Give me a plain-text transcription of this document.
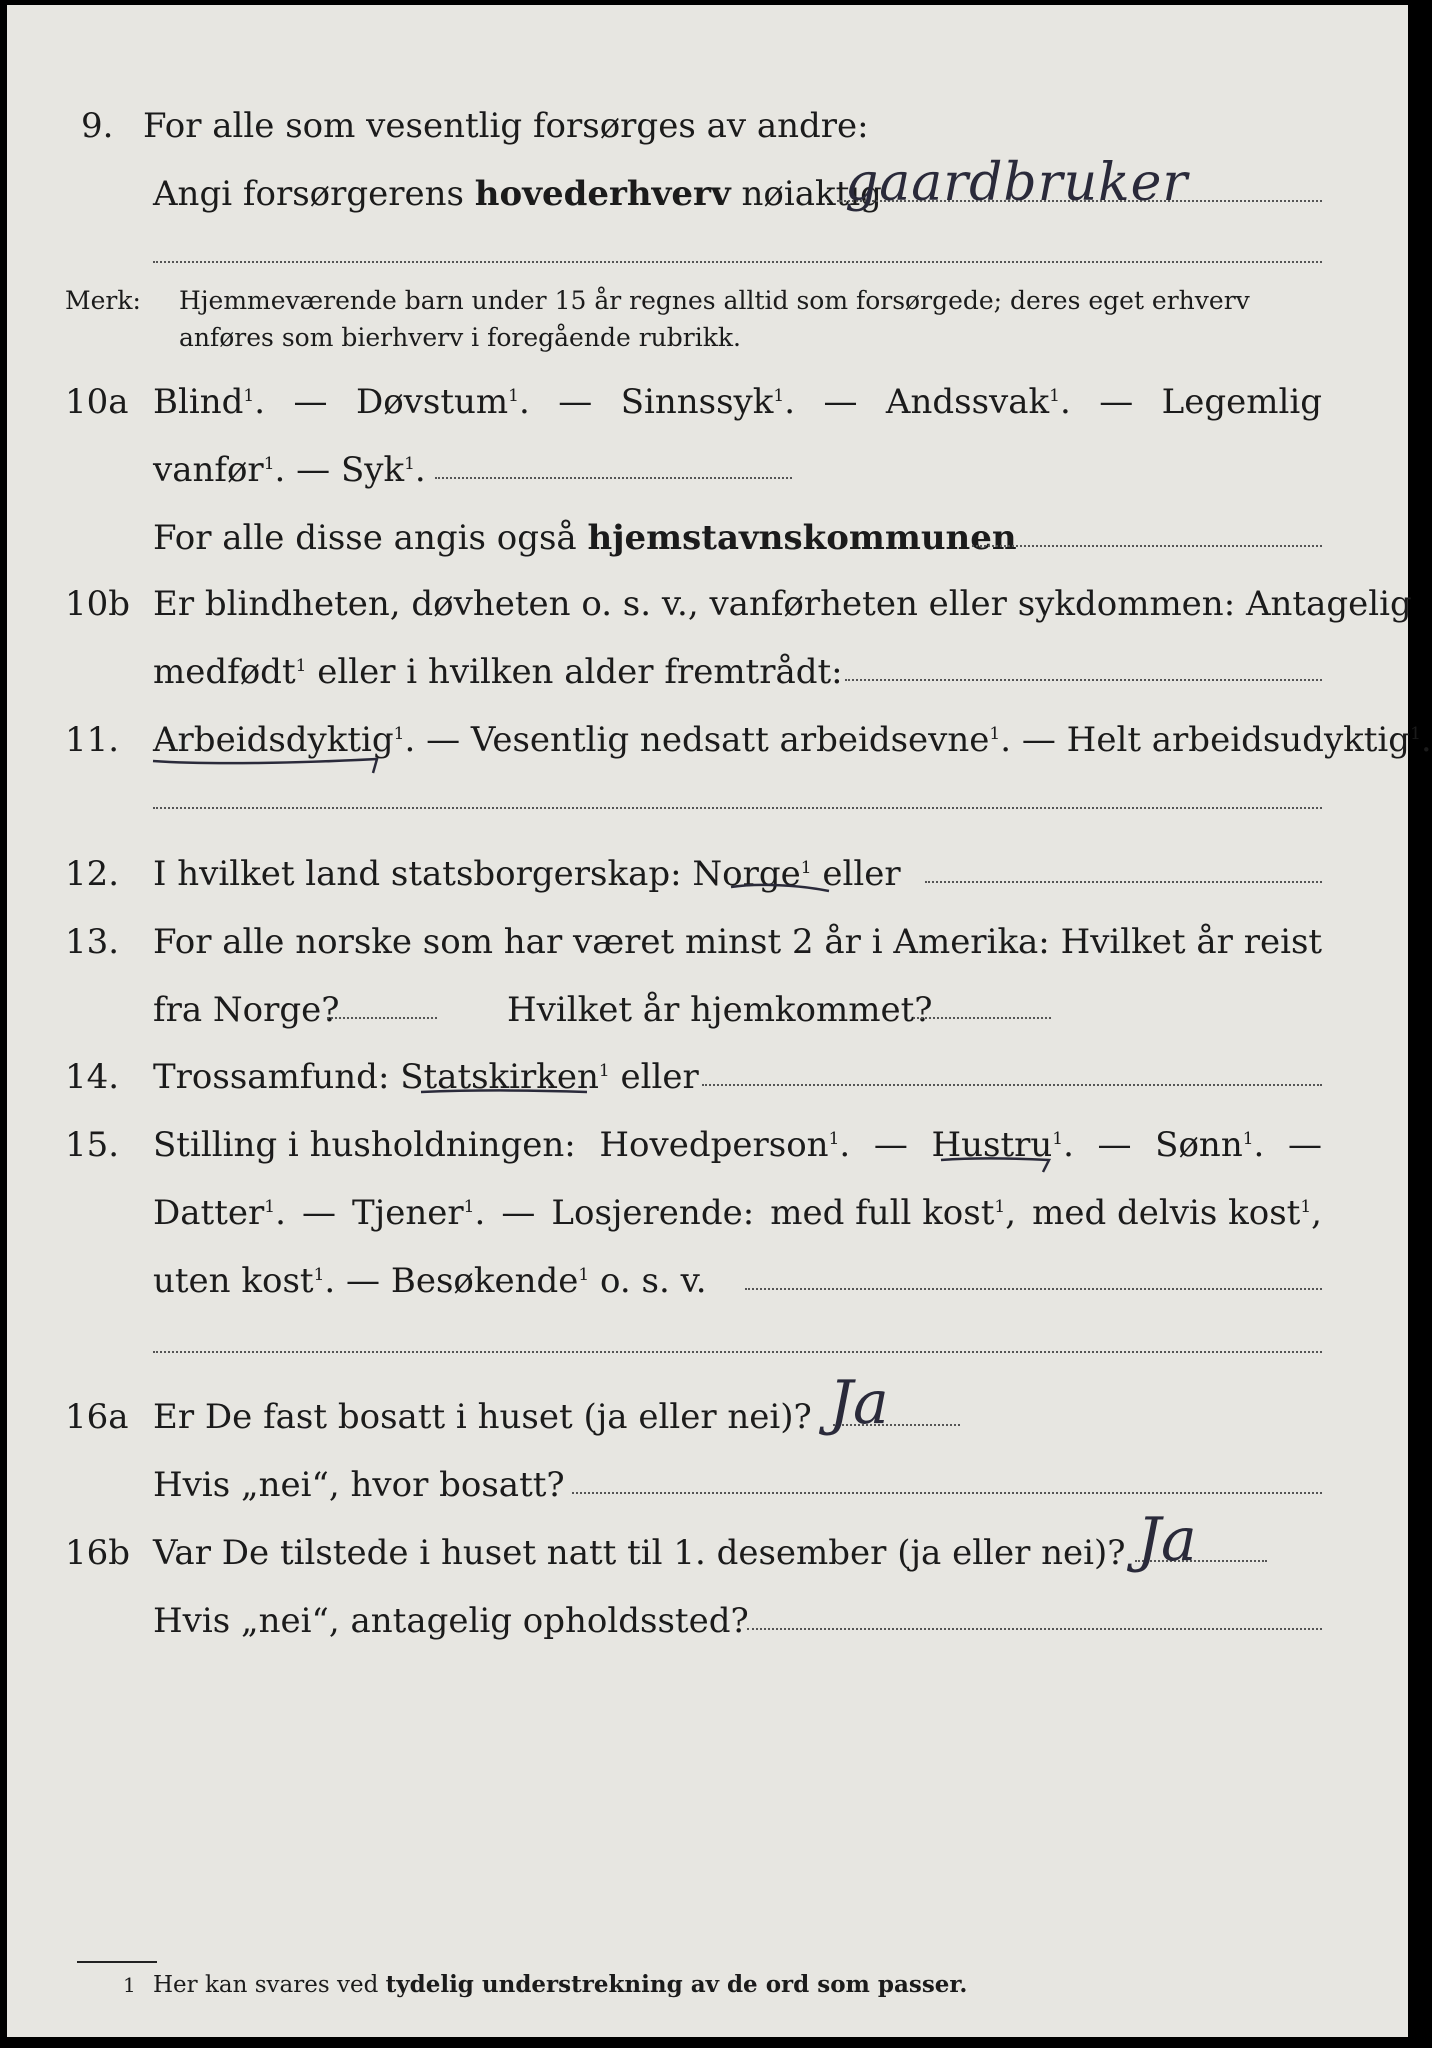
9. For alle som vesentlig forsørges av andre:
Angi forsørgerens hovederhverv nøiaktig
gaardbruker
Merk: Hjemmeværende barn under 15 år regnes alltid som forsørgede; deres eget erhverv
anføres som bierhverv i foregående rubrikk.
10a Blind$^1$. — Døvstum$^1$. — Sinnssyk$^1$. — Andssvak$^1$. — Legemlig
vanfør$^1$. — Syk$^1$.
For alle disse angis også hjemstavnskommunen
10b Er blindheten, døvheten o. s. v., vanførheten eller sykdommen: Antagelig
medfødt$^1$ eller i hvilken alder fremtrådt:
11. Arbeidsdyktig$^1$. — Vesentlig nedsatt arbeidsevne$^1$. — Helt arbeidsudyktig$^1$.
12. I hvilket land statsborgerskap: Norge$^1$ eller
13. For alle norske som har været minst 2 år i Amerika: Hvilket år reist
fra Norge?	Hvilket år hjemkommet?
14. Trossamfund: Statskirken$^1$ eller
15. Stilling i husholdningen: Hovedperson$^1$. — Hustru$^1$. — Sønn$^1$. —
Datter$^1$. — Tjener$^1$. — Losjerende: med full kost$^1$, med delvis kost$^1$,
uten kost$^1$. — Besøkende$^1$ o. s. v.
16a Er De fast bosatt i huset (ja eller nei)? Ja
Hvis „nei“, hvor bosatt?
16b Var De tilstede i huset natt til 1. desember (ja eller nei)? Ja
Hvis „nei“, antagelig opholdssted?
1 Her kan svares ved tydelig understrekning av de ord som passer.
